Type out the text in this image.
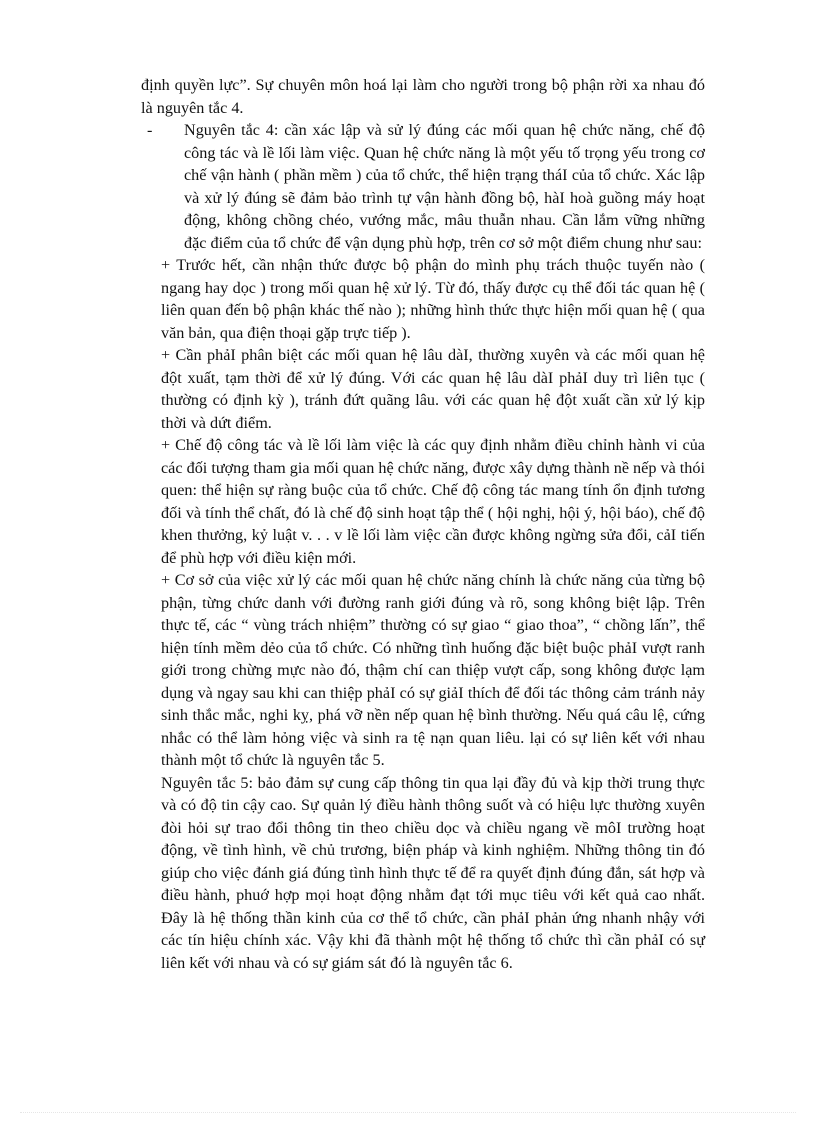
định quyền lực”. Sự chuyên môn hoá lại làm cho người trong bộ phận rời xa nhau đó là nguyên tắc 4.

- Nguyên tắc 4: cần xác lập và sử lý đúng các mối quan hệ chức năng, chế độ công tác và lề lối làm việc. Quan hệ chức năng là một yếu tố trọng yếu trong cơ chế vận hành ( phần mềm ) của tổ chức, thể hiện trạng tháI của tổ chức. Xác lập và xử lý đúng sẽ đảm bảo trình tự vận hành đồng bộ, hàI hoà guồng máy hoạt động, không chồng chéo, vướng mắc, mâu thuẫn nhau. Cần lắm vững những đặc điểm của tổ chức để vận dụng phù hợp, trên cơ sở một điểm chung như sau:

+ Trước hết, cần nhận thức được bộ phận do mình phụ trách thuộc tuyến nào ( ngang hay dọc ) trong mối quan hệ xử lý. Từ đó, thấy được cụ thể đối tác quan hệ ( liên quan đến bộ phận khác thế nào ); những hình thức thực hiện mối quan hệ ( qua văn bản, qua điện thoại gặp trực tiếp ).

+ Cần phảI phân biệt các mối quan hệ lâu dàI, thường xuyên và các mối quan hệ đột xuất, tạm thời để xử lý đúng. Với các quan hệ lâu dàI phảI duy trì liên tục ( thường có định kỳ ), tránh đứt quãng lâu. với các quan hệ đột xuất cần xử lý kịp thời và dứt điểm.

+ Chế độ công tác và lề lối làm việc là các quy định nhằm điều chỉnh hành vi của các đối tượng tham gia mối quan hệ chức năng, được xây dựng thành nề nếp và thói quen: thể hiện sự ràng buộc của tổ chức. Chế độ công tác mang tính ổn định tương đối và tính thể chất, đó là chế độ sinh hoạt tập thể ( hội nghị, hội ý, hội báo), chế độ khen thưởng, kỷ luật v. . . v lề lối làm việc cần được không ngừng sửa đổi, cảI tiến để phù hợp với điều kiện mới.

+ Cơ sở của việc xử lý các mối quan hệ chức năng chính là chức năng của từng bộ phận, từng chức danh với đường ranh giới đúng và rõ, song không biệt lập. Trên thực tế, các “ vùng trách nhiệm” thường có sự giao “ giao thoa”, “ chồng lấn”, thể hiện tính mềm dẻo của tổ chức. Có những tình huống đặc biệt buộc phảI vượt ranh giới trong chừng mực nào đó, thậm chí can thiệp vượt cấp, song không được lạm dụng và ngay sau khi can thiệp phảI có sự giảI thích để đối tác thông cảm tránh nảy sinh thắc mắc, nghi kỵ, phá vỡ nền nếp quan hệ bình thường. Nếu quá câu lệ, cứng nhắc có thể làm hỏng việc và sinh ra tệ nạn quan liêu. lại có sự liên kết với nhau thành một tổ chức là nguyên tắc 5.

Nguyên tắc 5: bảo đảm sự cung cấp thông tin qua lại đầy đủ và kịp thời trung thực và có độ tin cậy cao. Sự quản lý điều hành thông suốt và có hiệu lực thường xuyên đòi hỏi sự trao đổi thông tin theo chiều dọc và chiều ngang về môI trường hoạt động, về tình hình, về chủ trương, biện pháp và kinh nghiệm. Những thông tin đó giúp cho việc đánh giá đúng tình hình thực tế để ra quyết định đúng đắn, sát hợp và điều hành, phuớ hợp mọi hoạt động nhằm đạt tới mục tiêu với kết quả cao nhất. Đây là hệ thống thần kinh của cơ thể tổ chức, cần phảI phản ứng nhanh nhậy với các tín hiệu chính xác. Vậy khi đã thành một hệ thống tổ chức thì cần phảI có sự liên kết với nhau và có sự giám sát đó là nguyên tắc 6.
